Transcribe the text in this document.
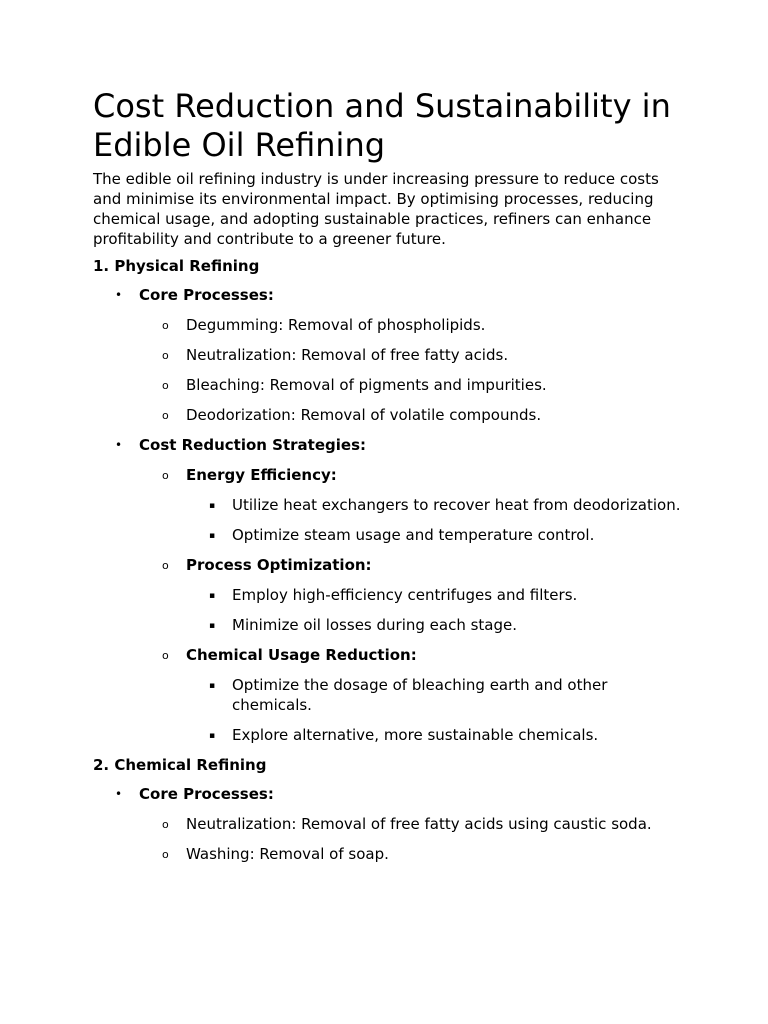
Cost Reduction and Sustainability in Edible Oil Refining

The edible oil refining industry is under increasing pressure to reduce costs and minimise its environmental impact. By optimising processes, reducing chemical usage, and adopting sustainable practices, refiners can enhance profitability and contribute to a greener future.

1. Physical Refining
• Core Processes:
o Degumming: Removal of phospholipids.
o Neutralization: Removal of free fatty acids.
o Bleaching: Removal of pigments and impurities.
o Deodorization: Removal of volatile compounds.
• Cost Reduction Strategies:
o Energy Efficiency:
▪ Utilize heat exchangers to recover heat from deodorization.
▪ Optimize steam usage and temperature control.
o Process Optimization:
▪ Employ high-efficiency centrifuges and filters.
▪ Minimize oil losses during each stage.
o Chemical Usage Reduction:
▪ Optimize the dosage of bleaching earth and other chemicals.
▪ Explore alternative, more sustainable chemicals.
2. Chemical Refining
• Core Processes:
o Neutralization: Removal of free fatty acids using caustic soda.
o Washing: Removal of soap.
